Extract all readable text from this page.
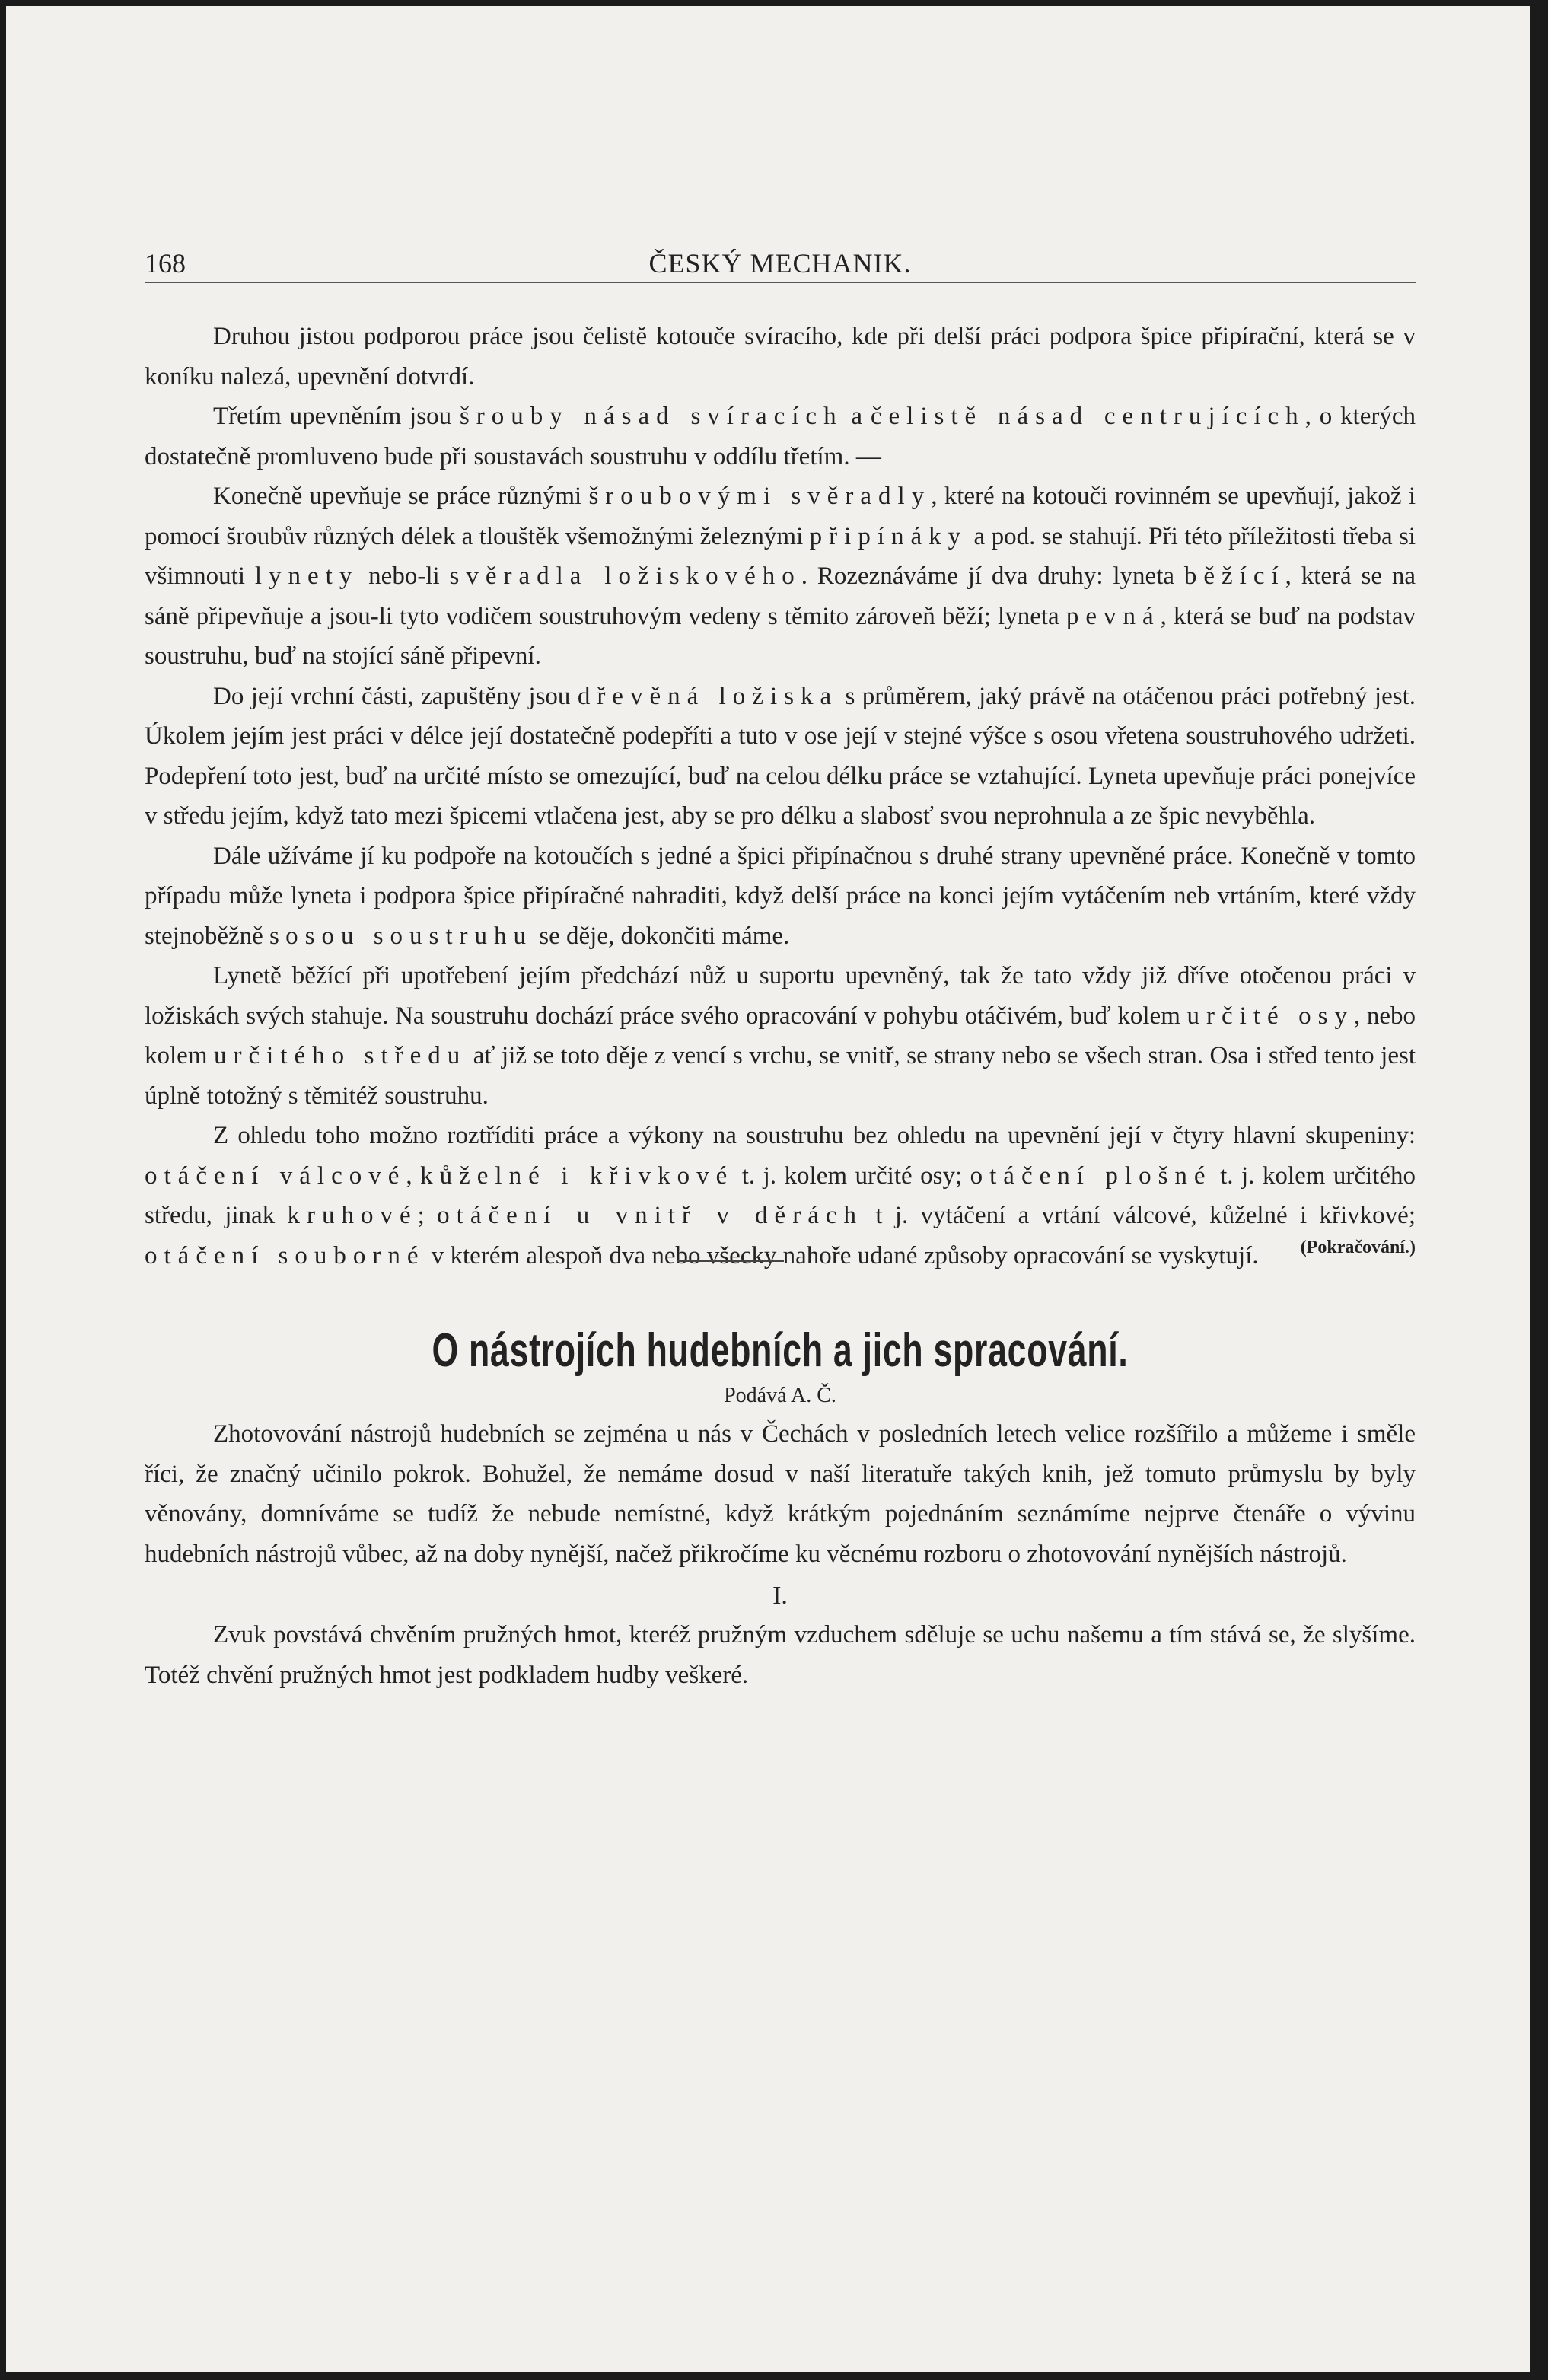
168	ČESKÝ MECHANIK.

Druhou jistou podporou práce jsou čelistě kotouče svíracího, kde při delší práci podpora špice připírační, která se v koníku nalezá, upevnění dotvrdí.

Třetím upevněním jsou šrouby násad svíracích a čelistě násad centrujících, o kterých dostatečně promluveno bude při soustavách soustruhu v oddílu třetím. —

Konečně upevňuje se práce různými šroubovými svěradly, které na kotouči rovinném se upevňují, jakož i pomocí šroubův různých délek a tlouštěk všemožnými železnými připínáky a pod. se stahují. Při této příležitosti třeba si všimnouti lynety nebo-li svěradla ložiskového. Rozeznáváme jí dva druhy: lyneta běžící, která se na sáně připevňuje a jsou-li tyto vodičem soustruhovým vedeny s těmito zároveň běží; lyneta pevná, která se buď na podstav soustruhu, buď na stojící sáně připevní.

Do její vrchní části, zapuštěny jsou dřevěná ložiska s průměrem, jaký právě na otáčenou práci potřebný jest. Úkolem jejím jest práci v délce její dostatečně podepříti a tuto v ose její v stejné výšce s osou vřetena soustruhového udržeti. Podepření toto jest, buď na určité místo se omezující, buď na celou délku práce se vztahující. Lyneta upevňuje práci ponejvíce v středu jejím, když tato mezi špicemi vtlačena jest, aby se pro délku a slabosť svou neprohnula a ze špic nevyběhla.

Dále užíváme jí ku podpoře na kotoučích s jedné a špici připínačnou s druhé strany upevněné práce. Konečně v tomto případu může lyneta i podpora špice připíračné nahraditi, když delší práce na konci jejím vytáčením neb vrtáním, které vždy stejnoběžně s osou soustruhu se děje, dokončiti máme.

Lynetě běžící při upotřebení jejím předchází nůž u suportu upevněný, tak že tato vždy již dříve otočenou práci v ložiskách svých stahuje. Na soustruhu dochází práce svého opracování v pohybu otáčivém, buď kolem určité osy, nebo kolem určitého středu ať již se toto děje z vencí s vrchu, se vnitř, se strany nebo se všech stran. Osa i střed tento jest úplně totožný s těmitéž soustruhu.

Z ohledu toho možno roztříditi práce a výkony na soustruhu bez ohledu na upevnění její v čtyry hlavní skupeniny: otáčení válcové, kůželné i křivkové t. j. kolem určité osy; otáčení plošné t. j. kolem určitého středu, jinak kruhové; otáčení u vnitř v děrách t j. vytáčení a vrtání válcové, kůželné i křivkové; otáčení souborné v kterém alespoň dva nebo všecky nahoře udané způsoby opracování se vyskytují.	(Pokračování.)
O nástrojích hudebních a jich spracování.
Podává A. Č.

Zhotovování nástrojů hudebních se zejména u nás v Čechách v posledních letech velice rozšířilo a můžeme i směle říci, že značný učinilo pokrok. Bohužel, že nemáme dosud v naší literatuře takých knih, jež tomuto průmyslu by byly věnovány, domníváme se tudíž že nebude nemístné, když krátkým pojednáním seznámíme nejprve čtenáře o vývinu hudebních nástrojů vůbec, až na doby nynější, načež přikročíme ku věcnému rozboru o zhotovování nynějších nástrojů.

I.

Zvuk povstává chvěním pružných hmot, kteréž pružným vzduchem sděluje se uchu našemu a tím stává se, že slyšíme. Totéž chvění pružných hmot jest podkladem hudby veškeré.
